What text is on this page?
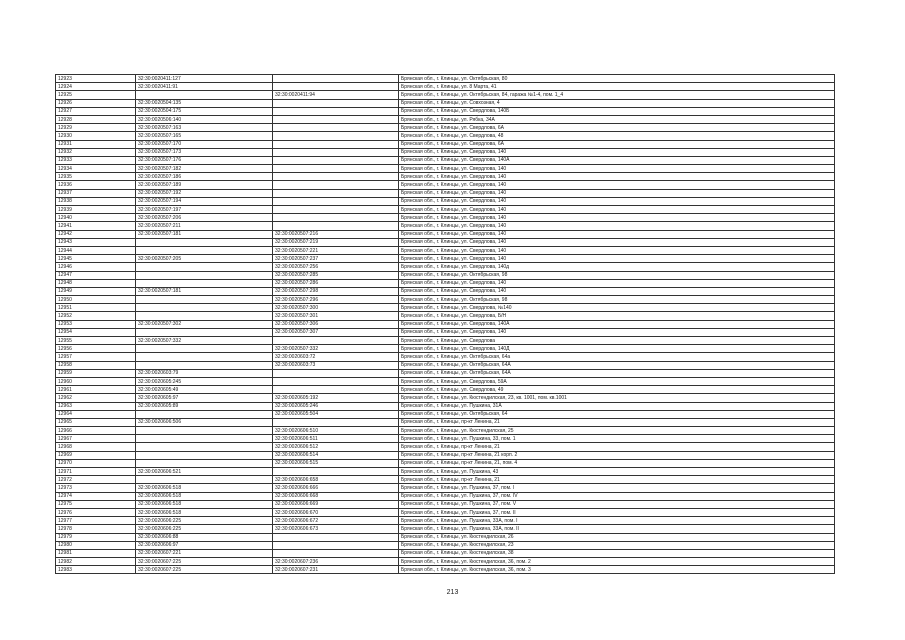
12923	32:30:0020411:127		Брянская обл., г. Клинцы, ул. Октябрьская, 80
12924	32:30:0020411:91		Брянская обл., г. Клинцы, ул. 8 Марта, 41
12925		32:30:0020411:94	Брянская обл., г. Клинцы, ул. Октябрьская, 84, гаража №1-4, пом. 1_4
12926	32:30:0020504:135		Брянская обл., г. Клинцы, ул. Совхозная, 4
12927	32:30:0020504:175		Брянская обл., г. Клинцы, ул. Свердлова, 140Б
12928	32:30:0020506:140		Брянская обл., г. Клинцы, ул. Рябка, 34А
12929	32:30:0020507:163		Брянская обл., г. Клинцы, ул. Свердлова, 6А
12930	32:30:0020507:165		Брянская обл., г. Клинцы, ул. Свердлова, 48
12931	32:30:0020507:170		Брянская обл., г. Клинцы, ул. Свердлова, 6А
12932	32:30:0020507:173		Брянская обл., г. Клинцы, ул. Свердлова, 140
12933	32:30:0020507:176		Брянская обл., г. Клинцы, ул. Свердлова, 140А
12934	32:30:0020507:182		Брянская обл., г. Клинцы, ул. Свердлова, 140
12935	32:30:0020507:186		Брянская обл., г. Клинцы, ул. Свердлова, 140
12936	32:30:0020507:189		Брянская обл., г. Клинцы, ул. Свердлова, 140
12937	32:30:0020507:192		Брянская обл., г. Клинцы, ул. Свердлова, 140
12938	32:30:0020507:194		Брянская обл., г. Клинцы, ул. Свердлова, 140
12939	32:30:0020507:197		Брянская обл., г. Клинцы, ул. Свердлова, 140
12940	32:30:0020507:206		Брянская обл., г. Клинцы, ул. Свердлова, 140
12941	32:30:0020507:211		Брянская обл., г. Клинцы, ул. Свердлова, 140
12942	32:30:0020507:181	32:30:0020507:216	Брянская обл., г. Клинцы, ул. Свердлова, 140
12943		32:30:0020507:219	Брянская обл., г. Клинцы, ул. Свердлова, 140
12944		32:30:0020507:221	Брянская обл., г. Клинцы, ул. Свердлова, 140
12945	32:30:0020507:205	32:30:0020507:237	Брянская обл., г. Клинцы, ул. Свердлова, 140
12946		32:30:0020507:256	Брянская обл., г. Клинцы, ул. Свердлова, 140д
12947		32:30:0020507:285	Брянская обл., г. Клинцы, ул. Октябрьская, 98
12948		32:30:0020507:286	Брянская обл., г. Клинцы, ул. Свердлова, 140
12949	32:30:0020507:181	32:30:0020507:298	Брянская обл., г. Клинцы, ул. Свердлова, 140
12950		32:30:0020507:296	Брянская обл., г. Клинцы, ул. Октябрьская, 98
12951		32:30:0020507:300	Брянская обл., г. Клинцы, ул. Свердлова, №140
12952		32:30:0020507:301	Брянская обл., г. Клинцы, ул. Свердлова, Б/Н
12953	32:30:0020507:302	32:30:0020507:306	Брянская обл., г. Клинцы, ул. Свердлова, 140А
12954		32:30:0020507:307	Брянская обл., г. Клинцы, ул. Свердлова, 140
12955	32:30:0020507:332		Брянская обл., г. Клинцы, ул. Свердлова
12956		32:30:0020507:332	Брянская обл., г. Клинцы, ул. Свердлова, 140Д
12957		32:30:0020603:72	Брянская обл., г. Клинцы, ул. Октябрьская, 64а
12958		32:30:0020603:73	Брянская обл., г. Клинцы, ул. Октябрьская, 64А
12959	32:30:0020603:79		Брянская обл., г. Клинцы, ул. Октябрьская, 64А
12960	32:30:0020605:245		Брянская обл., г. Клинцы, ул. Свердлова, 59А
12961	32:30:0020605:49		Брянская обл., г. Клинцы, ул. Свердлова, 49
12962	32:30:0020605:97	32:30:0020605:192	Брянская обл., г. Клинцы, ул. Кюстендилская, 23, кв. 1001, пом. кв.1001
12963	32:30:0020605:89	32:30:0020605:246	Брянская обл., г. Клинцы, ул. Пушкина, 31А
12964		32:30:0020605:504	Брянская обл., г. Клинцы, ул. Октябрьская, 64
12965	32:30:0020606:506		Брянская обл., г. Клинцы, пр-кт Ленина, 21
12966		32:30:0020606:510	Брянская обл., г. Клинцы, ул. Кюстендилская, 25
12967		32:30:0020606:511	Брянская обл., г. Клинцы, ул. Пушкина, 33, пом. 1
12968		32:30:0020606:512	Брянская обл., г. Клинцы, пр-кт Ленина, 21
12969		32:30:0020606:514	Брянская обл., г. Клинцы, пр-кт Ленина, 21 корп. 2
12970		32:30:0020606:515	Брянская обл., г. Клинцы, пр-кт Ленина, 21, пом. 4
12971	32:30:0020606:521		Брянская обл., г. Клинцы, ул. Пушкина, 43
12972		32:30:0020606:658	Брянская обл., г. Клинцы, пр-кт Ленина, 21
12973	32:30:0020606:518	32:30:0020606:666	Брянская обл., г. Клинцы, ул. Пушкина, 37, пом. I
12974	32:30:0020606:518	32:30:0020606:668	Брянская обл., г. Клинцы, ул. Пушкина, 37, пом. IV
12975	32:30:0020606:518	32:30:0020606:669	Брянская обл., г. Клинцы, ул. Пушкина, 37, пом. V
12976	32:30:0020606:518	32:30:0020606:670	Брянская обл., г. Клинцы, ул. Пушкина, 37, пом. II
12977	32:30:0020606:225	32:30:0020606:672	Брянская обл., г. Клинцы, ул. Пушкина, 33А, пом. I
12978	32:30:0020606:225	32:30:0020606:673	Брянская обл., г. Клинцы, ул. Пушкина, 33А, пом. II
12979	32:30:0020606:88		Брянская обл., г. Клинцы, ул. Кюстендилская, 26
12980	32:30:0020606:97		Брянская обл., г. Клинцы, ул. Кюстендилская, 23
12981	32:30:0020607:221		Брянская обл., г. Клинцы, ул. Кюстендилская, 38
12982	32:30:0020607:225	32:30:0020607:236	Брянская обл., г. Клинцы, ул. Кюстендилская, 36, пом. 2
12983	32:30:0020607:225	32:30:0020607:231	Брянская обл., г. Клинцы, ул. Кюстендилская, 36, пом. 3
213
